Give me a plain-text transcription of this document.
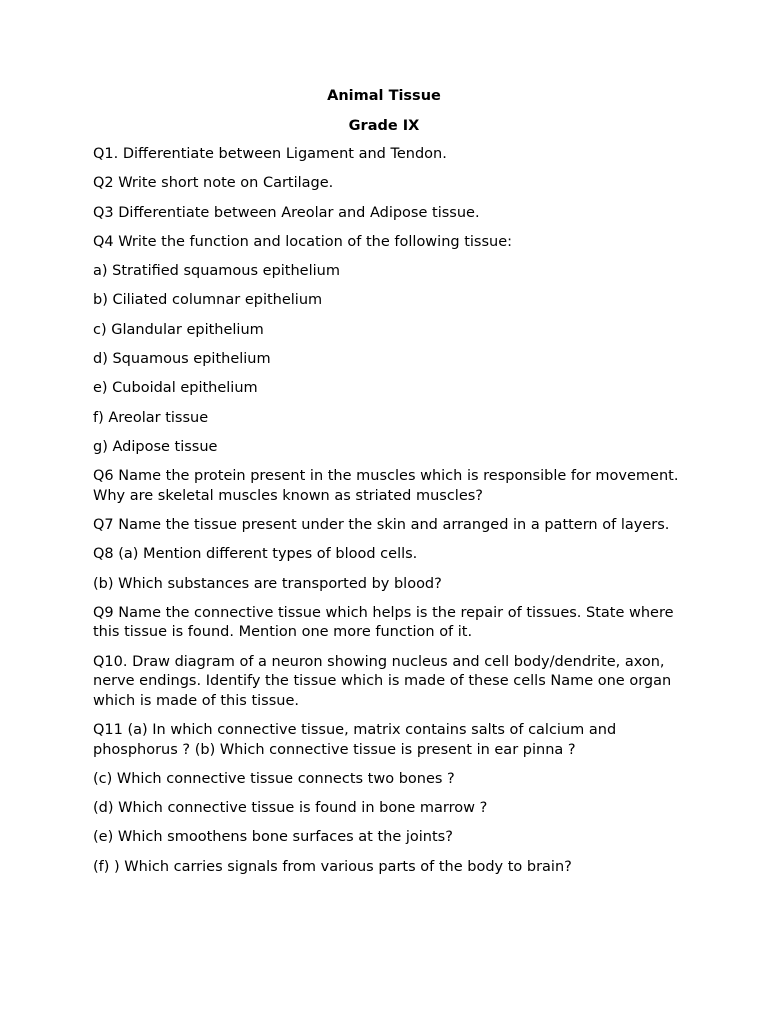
Animal Tissue
Grade IX

Q1. Differentiate between Ligament and Tendon.

Q2 Write short note on Cartilage.

Q3 Differentiate between Areolar and Adipose tissue.

Q4 Write the function and location of the following tissue:

a) Stratified squamous epithelium

b) Ciliated columnar epithelium

c) Glandular epithelium

d) Squamous epithelium

e) Cuboidal epithelium

f) Areolar tissue

g) Adipose tissue

Q6 Name the protein present in the muscles which is responsible for movement. Why are skeletal muscles known as striated muscles?

Q7 Name the tissue present under the skin and arranged in a pattern of layers.

Q8 (a) Mention different types of blood cells.

(b) Which substances are transported by blood?

Q9 Name the connective tissue which helps is the repair of tissues. State where this tissue is found. Mention one more function of it.

Q10. Draw diagram of a neuron showing nucleus and cell body/dendrite, axon, nerve endings. Identify the tissue which is made of these cells Name one organ which is made of this tissue.

Q11 (a) In which connective tissue, matrix contains salts of calcium and phosphorus ? (b) Which connective tissue is present in ear pinna ?

(c) Which connective tissue connects two bones ?

(d) Which connective tissue is found in bone marrow ?

(e) Which smoothens bone surfaces at the joints?

(f) ) Which carries signals from various parts of the body to brain?
